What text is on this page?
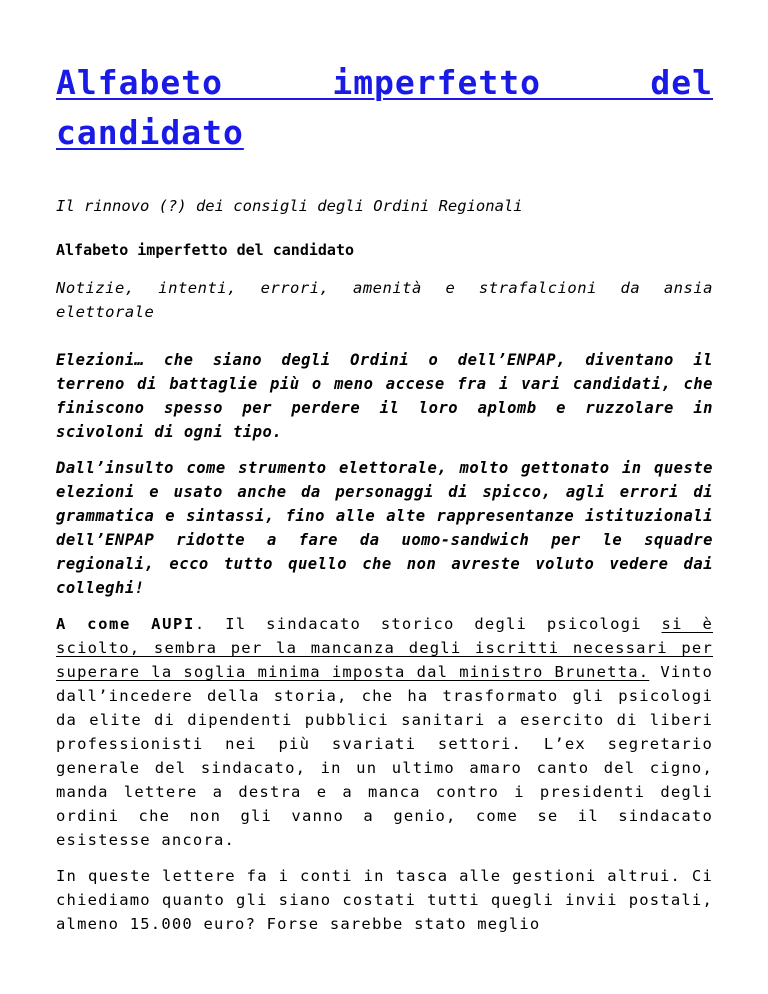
Alfabeto imperfetto del candidato

Il rinnovo (?) dei consigli degli Ordini Regionali

Alfabeto imperfetto del candidato

Notizie, intenti, errori, amenità e strafalcioni da ansia elettorale

Elezioni… che siano degli Ordini o dell’ENPAP, diventano il terreno di battaglie più o meno accese fra i vari candidati, che finiscono spesso per perdere il loro aplomb e ruzzolare in scivoloni di ogni tipo.

Dall’insulto come strumento elettorale, molto gettonato in queste elezioni e usato anche da personaggi di spicco, agli errori di grammatica e sintassi, fino alle alte rappresentanze istituzionali dell’ENPAP ridotte a fare da uomo-sandwich per le squadre regionali, ecco tutto quello che non avreste voluto vedere dai colleghi!

A come AUPI. Il sindacato storico degli psicologi si è sciolto, sembra per la mancanza degli iscritti necessari per superare la soglia minima imposta dal ministro Brunetta. Vinto dall’incedere della storia, che ha trasformato gli psicologi da elite di dipendenti pubblici sanitari a esercito di liberi professionisti nei più svariati settori. L’ex segretario generale del sindacato, in un ultimo amaro canto del cigno, manda lettere a destra e a manca contro i presidenti degli ordini che non gli vanno a genio, come se il sindacato esistesse ancora.

In queste lettere fa i conti in tasca alle gestioni altrui. Ci chiediamo quanto gli siano costati tutti quegli invii postali, almeno 15.000 euro? Forse sarebbe stato meglio
